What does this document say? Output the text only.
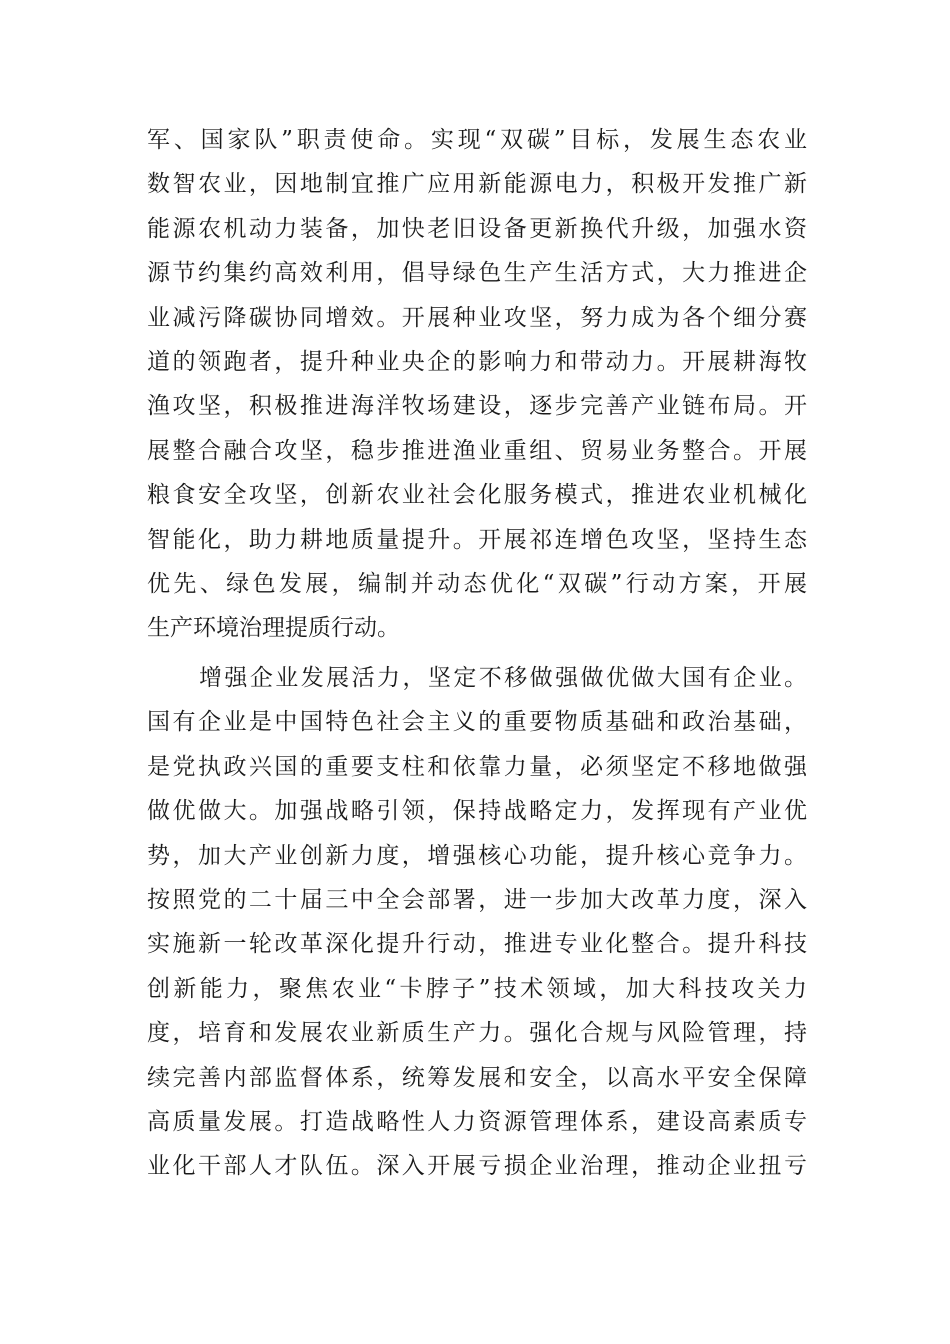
军、国家队”职责使命。实现“双碳”目标，发展生态农业
数智农业，因地制宜推广应用新能源电力，积极开发推广新
能源农机动力装备，加快老旧设备更新换代升级，加强水资
源节约集约高效利用，倡导绿色生产生活方式，大力推进企
业减污降碳协同增效。开展种业攻坚，努力成为各个细分赛
道的领跑者，提升种业央企的影响力和带动力。开展耕海牧
渔攻坚，积极推进海洋牧场建设，逐步完善产业链布局。开
展整合融合攻坚，稳步推进渔业重组、贸易业务整合。开展
粮食安全攻坚，创新农业社会化服务模式，推进农业机械化
智能化，助力耕地质量提升。开展祁连增色攻坚，坚持生态
优先、绿色发展，编制并动态优化“双碳”行动方案，开展
生产环境治理提质行动。
增强企业发展活力，坚定不移做强做优做大国有企业。
国有企业是中国特色社会主义的重要物质基础和政治基础，
是党执政兴国的重要支柱和依靠力量，必须坚定不移地做强
做优做大。加强战略引领，保持战略定力，发挥现有产业优
势，加大产业创新力度，增强核心功能，提升核心竞争力。
按照党的二十届三中全会部署，进一步加大改革力度，深入
实施新一轮改革深化提升行动，推进专业化整合。提升科技
创新能力，聚焦农业“卡脖子”技术领域，加大科技攻关力
度，培育和发展农业新质生产力。强化合规与风险管理，持
续完善内部监督体系，统筹发展和安全，以高水平安全保障
高质量发展。打造战略性人力资源管理体系，建设高素质专
业化干部人才队伍。深入开展亏损企业治理，推动企业扭亏
